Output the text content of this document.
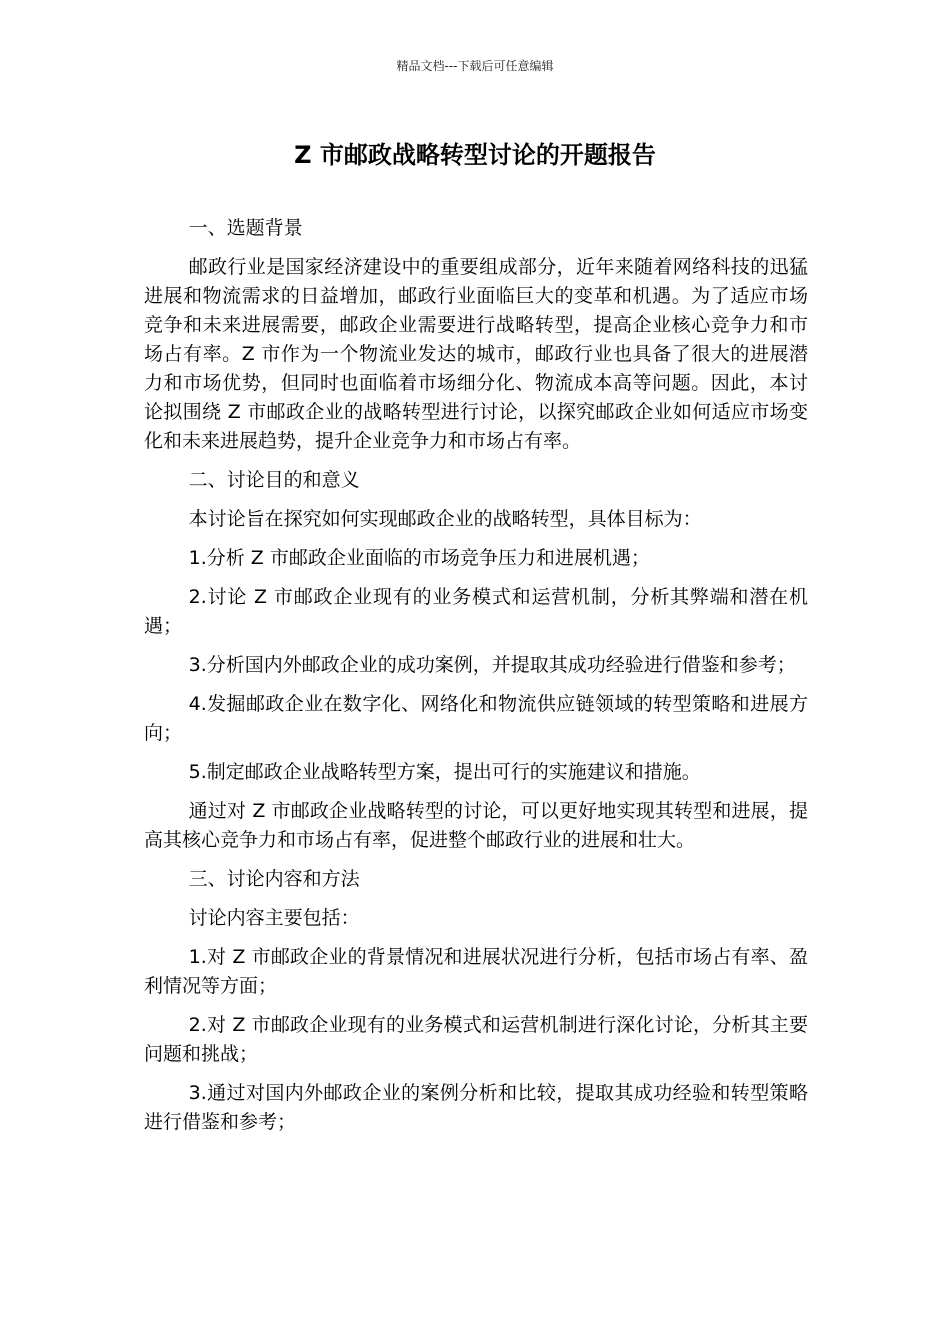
精品文档---下载后可任意编辑
Z 市邮政战略转型讨论的开题报告

一、选题背景

邮政行业是国家经济建设中的重要组成部分，近年来随着网络科技的迅猛进展和物流需求的日益增加，邮政行业面临巨大的变革和机遇。为了适应市场竞争和未来进展需要，邮政企业需要进行战略转型，提高企业核心竞争力和市场占有率。Z 市作为一个物流业发达的城市，邮政行业也具备了很大的进展潜力和市场优势，但同时也面临着市场细分化、物流成本高等问题。因此，本讨论拟围绕 Z 市邮政企业的战略转型进行讨论，以探究邮政企业如何适应市场变化和未来进展趋势，提升企业竞争力和市场占有率。

二、讨论目的和意义

本讨论旨在探究如何实现邮政企业的战略转型，具体目标为：

1.分析 Z 市邮政企业面临的市场竞争压力和进展机遇；

2.讨论 Z 市邮政企业现有的业务模式和运营机制，分析其弊端和潜在机遇；

3.分析国内外邮政企业的成功案例，并提取其成功经验进行借鉴和参考；

4.发掘邮政企业在数字化、网络化和物流供应链领域的转型策略和进展方向；

5.制定邮政企业战略转型方案，提出可行的实施建议和措施。

通过对 Z 市邮政企业战略转型的讨论，可以更好地实现其转型和进展，提高其核心竞争力和市场占有率，促进整个邮政行业的进展和壮大。

三、讨论内容和方法

讨论内容主要包括：

1.对 Z 市邮政企业的背景情况和进展状况进行分析，包括市场占有率、盈利情况等方面；

2.对 Z 市邮政企业现有的业务模式和运营机制进行深化讨论，分析其主要问题和挑战；

3.通过对国内外邮政企业的案例分析和比较，提取其成功经验和转型策略进行借鉴和参考；
